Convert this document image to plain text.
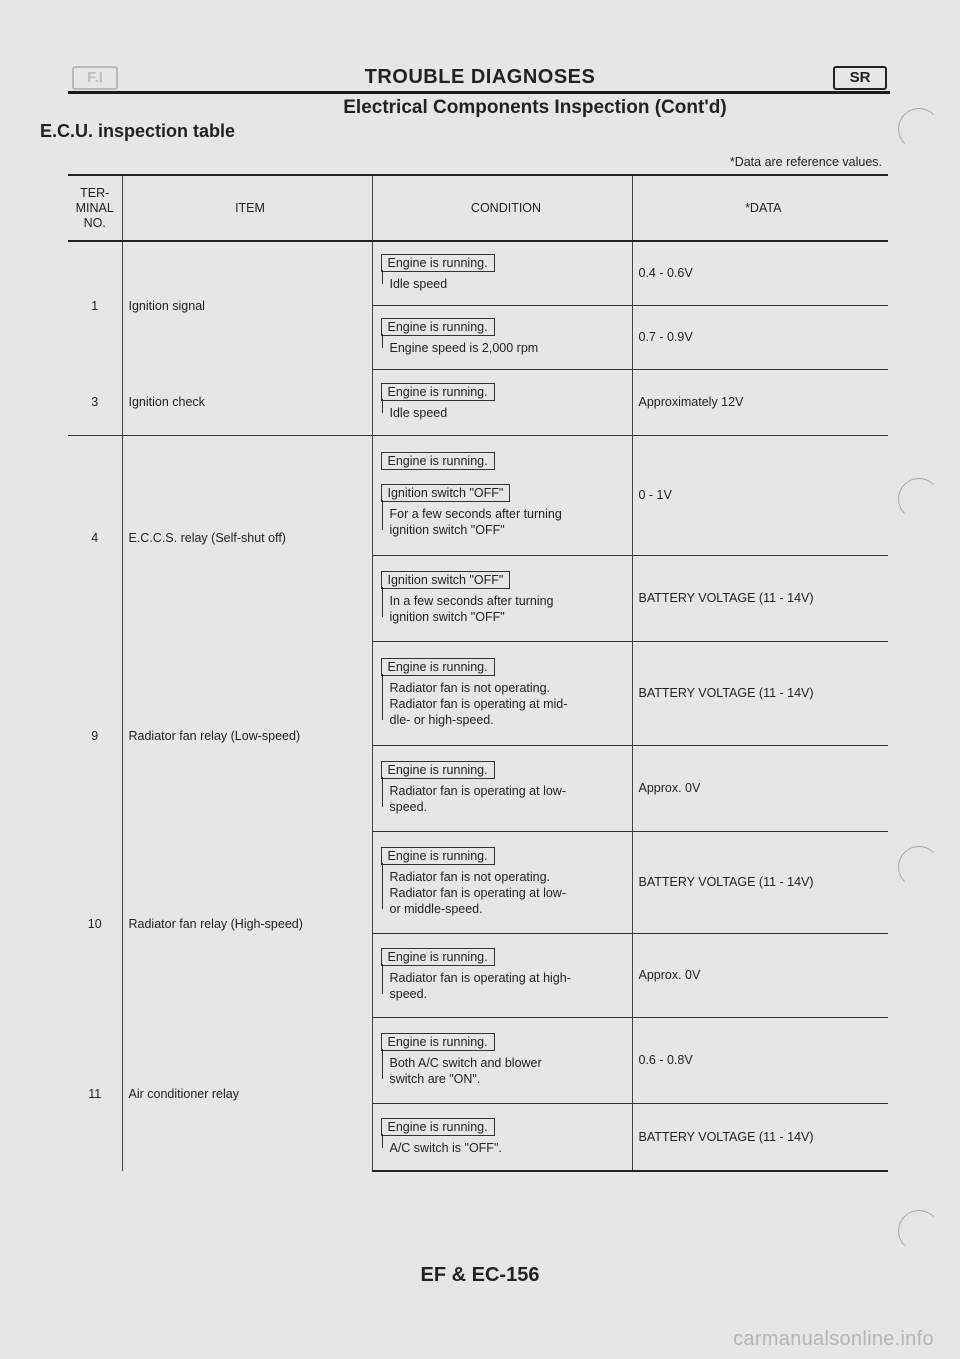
F.I	TROUBLE DIAGNOSES	SR
Electrical Components Inspection (Cont'd)
E.C.U. inspection table
*Data are reference values.
TER-
MINAL
NO.	ITEM	CONDITION	*DATA
1	Ignition signal	Engine is running.
Idle speed	0.4 - 0.6V
		Engine is running.
Engine speed is 2,000 rpm	0.7 - 0.9V
3	Ignition check	Engine is running.
Idle speed	Approximately 12V
4	E.C.C.S. relay (Self-shut off)	Engine is running.
Ignition switch "OFF"
For a few seconds after turning
ignition switch "OFF"	0 - 1V
		Ignition switch "OFF"
In a few seconds after turning
ignition switch "OFF"	BATTERY VOLTAGE (11 - 14V)
9	Radiator fan relay (Low-speed)	Engine is running.
Radiator fan is not operating.
Radiator fan is operating at mid-
dle- or high-speed.	BATTERY VOLTAGE (11 - 14V)
		Engine is running.
Radiator fan is operating at low-
speed.	Approx. 0V
10	Radiator fan relay (High-speed)	Engine is running.
Radiator fan is not operating.
Radiator fan is operating at low-
or middle-speed.	BATTERY VOLTAGE (11 - 14V)
		Engine is running.
Radiator fan is operating at high-
speed.	Approx. 0V
11	Air conditioner relay	Engine is running.
Both A/C switch and blower
switch are "ON".	0.6 - 0.8V
		Engine is running.
A/C switch is "OFF".	BATTERY VOLTAGE (11 - 14V)
EF & EC-156
carmanualsonline.info
